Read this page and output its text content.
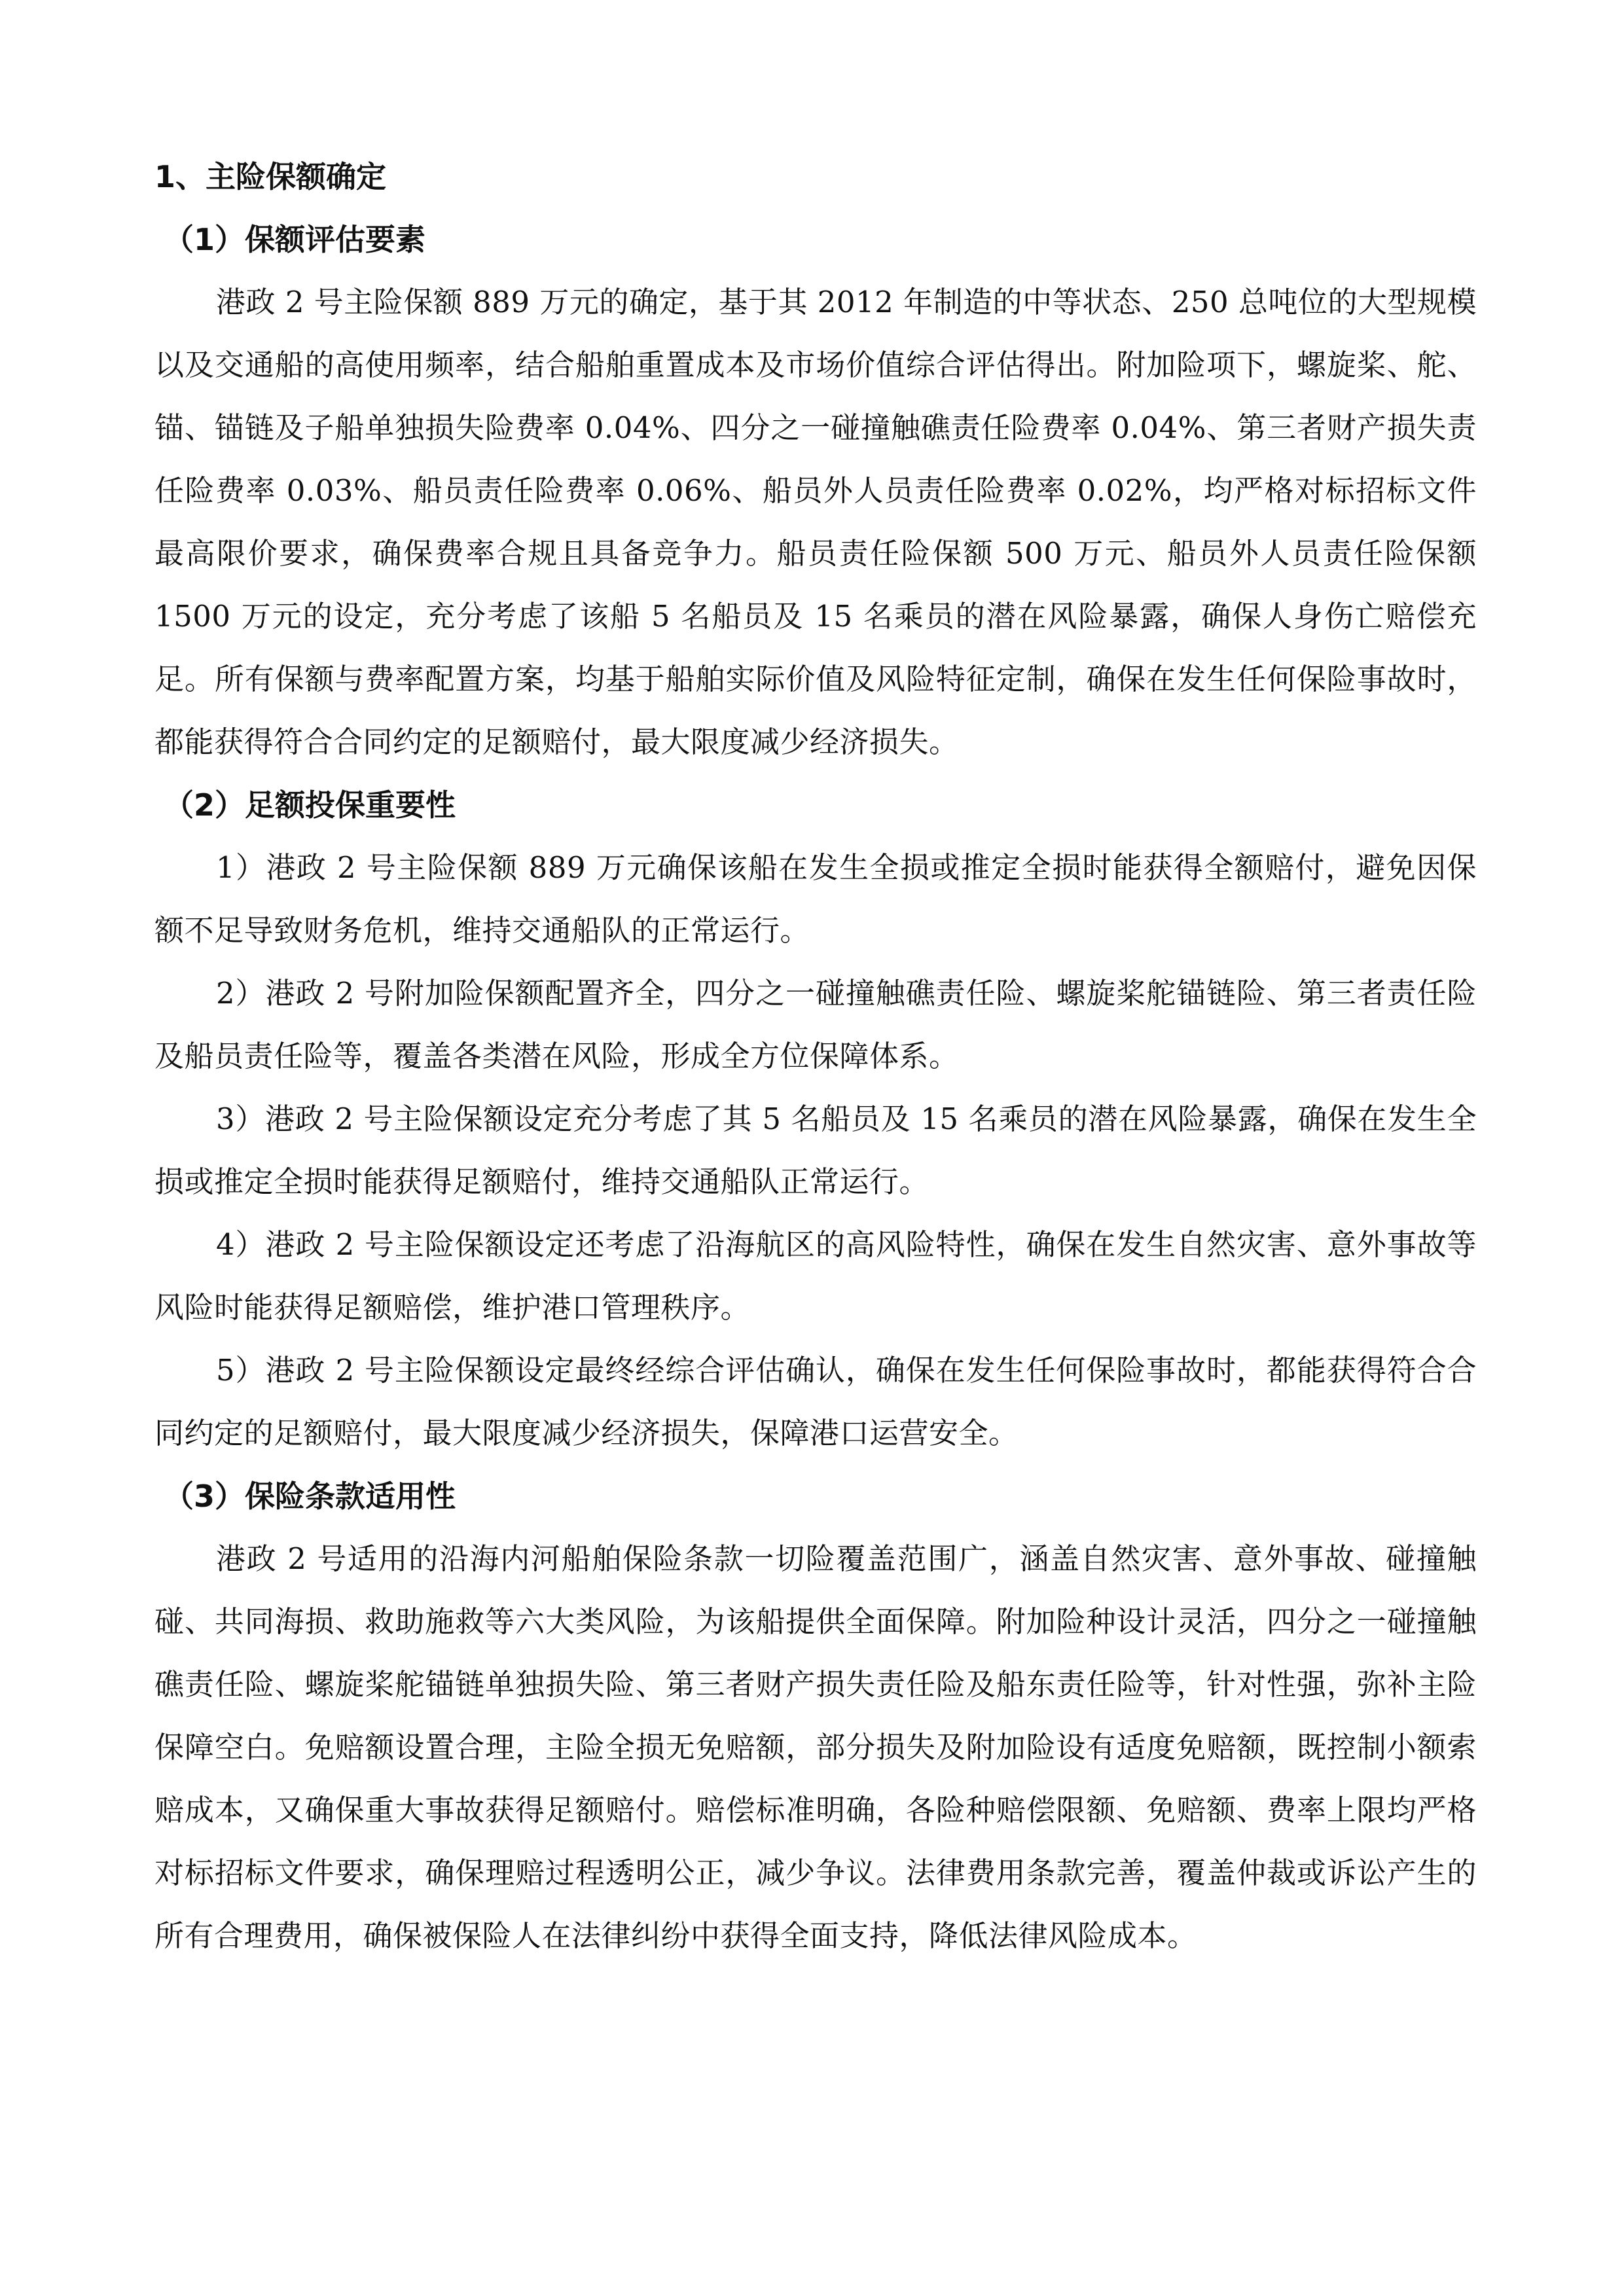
1、主险保额确定
（1）保额评估要素

港政 2 号主险保额 889 万元的确定，基于其 2012 年制造的中等状态、250 总吨位的大型规模以及交通船的高使用频率，结合船舶重置成本及市场价值综合评估得出。附加险项下，螺旋桨、舵、锚、锚链及子船单独损失险费率 0.04%、四分之一碰撞触礁责任险费率 0.04%、第三者财产损失责任险费率 0.03%、船员责任险费率 0.06%、船员外人员责任险费率 0.02%，均严格对标招标文件最高限价要求，确保费率合规且具备竞争力。船员责任险保额 500 万元、船员外人员责任险保额 1500 万元的设定，充分考虑了该船 5 名船员及 15 名乘员的潜在风险暴露，确保人身伤亡赔偿充足。所有保额与费率配置方案，均基于船舶实际价值及风险特征定制，确保在发生任何保险事故时，都能获得符合合同约定的足额赔付，最大限度减少经济损失。

（2）足额投保重要性

1）港政 2 号主险保额 889 万元确保该船在发生全损或推定全损时能获得全额赔付，避免因保额不足导致财务危机，维持交通船队的正常运行。

2）港政 2 号附加险保额配置齐全，四分之一碰撞触礁责任险、螺旋桨舵锚链险、第三者责任险及船员责任险等，覆盖各类潜在风险，形成全方位保障体系。

3）港政 2 号主险保额设定充分考虑了其 5 名船员及 15 名乘员的潜在风险暴露，确保在发生全损或推定全损时能获得足额赔付，维持交通船队正常运行。

4）港政 2 号主险保额设定还考虑了沿海航区的高风险特性，确保在发生自然灾害、意外事故等风险时能获得足额赔偿，维护港口管理秩序。

5）港政 2 号主险保额设定最终经综合评估确认，确保在发生任何保险事故时，都能获得符合合同约定的足额赔付，最大限度减少经济损失，保障港口运营安全。

（3）保险条款适用性

港政 2 号适用的沿海内河船舶保险条款一切险覆盖范围广，涵盖自然灾害、意外事故、碰撞触碰、共同海损、救助施救等六大类风险，为该船提供全面保障。附加险种设计灵活，四分之一碰撞触礁责任险、螺旋桨舵锚链单独损失险、第三者财产损失责任险及船东责任险等，针对性强，弥补主险保障空白。免赔额设置合理，主险全损无免赔额，部分损失及附加险设有适度免赔额，既控制小额索赔成本，又确保重大事故获得足额赔付。赔偿标准明确，各险种赔偿限额、免赔额、费率上限均严格对标招标文件要求，确保理赔过程透明公正，减少争议。法律费用条款完善，覆盖仲裁或诉讼产生的所有合理费用，确保被保险人在法律纠纷中获得全面支持，降低法律风险成本。
